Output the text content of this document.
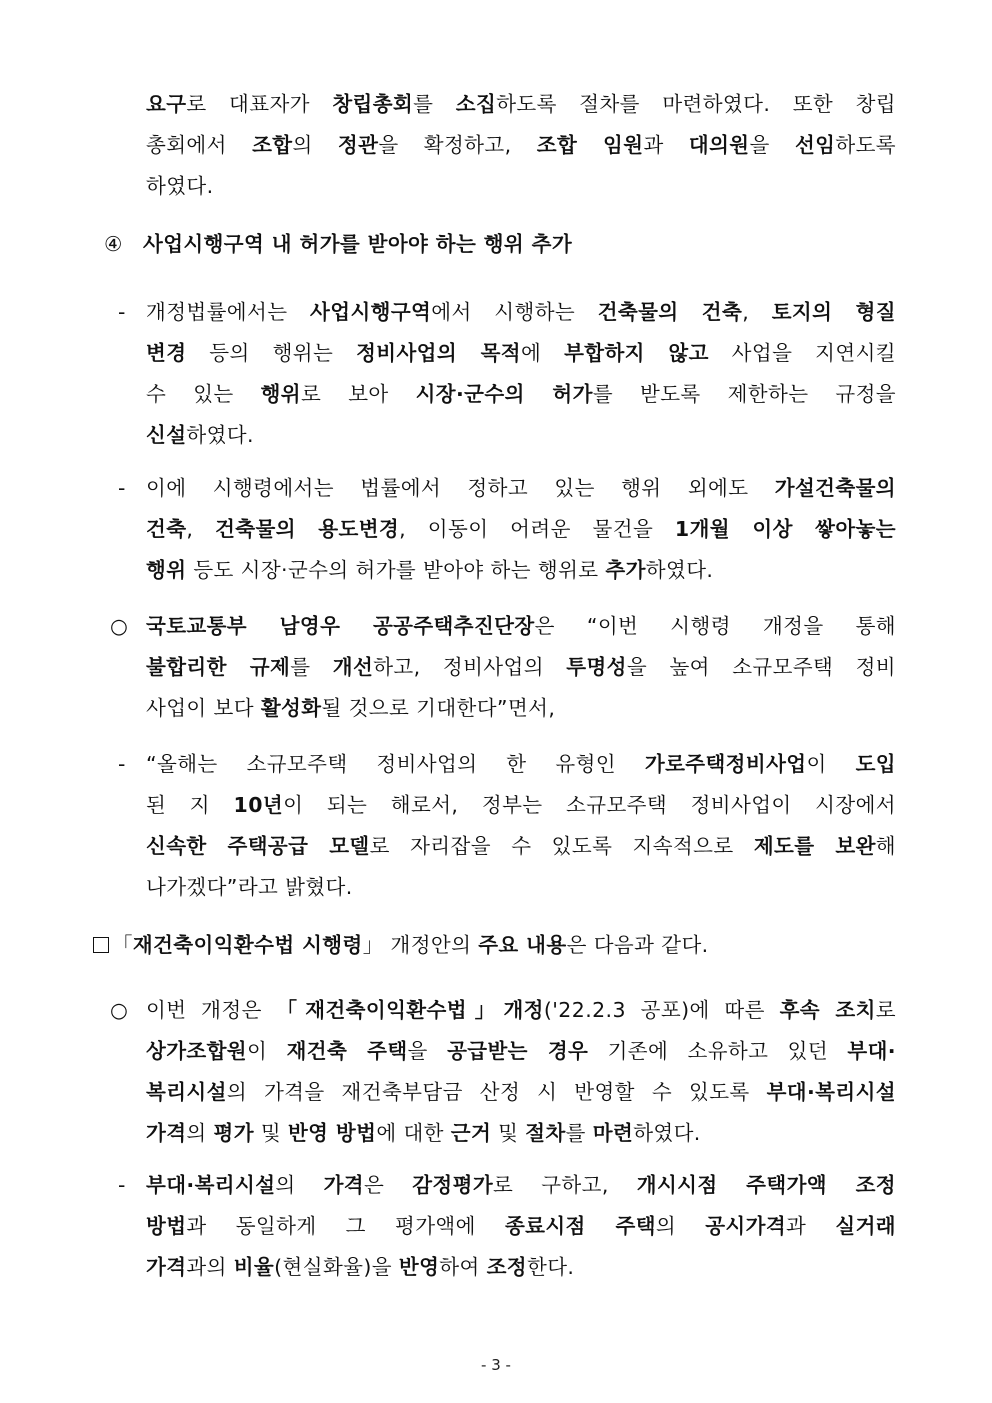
④
-
-
○
-
○
-
「재건축이익환수법 시행령」 개정안의 주요 내용은 다음과 같다.
요구로 대표자가 창립총회를 소집하도록 절차를 마련하였다. 또한 창립
총회에서 조합의 정관을 확정하고, 조합 임원과 대의원을 선임하도록
하였다.
사업시행구역 내 허가를 받아야 하는 행위 추가
개정법률에서는 사업시행구역에서 시행하는 건축물의 건축, 토지의 형질
변경 등의 행위는 정비사업의 목적에 부합하지 않고 사업을 지연시킬
수 있는 행위로 보아 시장·군수의 허가를 받도록 제한하는 규정을
신설하였다.
이에 시행령에서는 법률에서 정하고 있는 행위 외에도 가설건축물의
건축, 건축물의 용도변경, 이동이 어려운 물건을 1개월 이상 쌓아놓는
행위 등도 시장·군수의 허가를 받아야 하는 행위로 추가하였다.
국토교통부 남영우 공공주택추진단장은 “이번 시행령 개정을 통해
불합리한 규제를 개선하고, 정비사업의 투명성을 높여 소규모주택 정비
사업이 보다 활성화될 것으로 기대한다”면서,
“올해는 소규모주택 정비사업의 한 유형인 가로주택정비사업이 도입
된 지 10년이 되는 해로서, 정부는 소규모주택 정비사업이 시장에서
신속한 주택공급 모델로 자리잡을 수 있도록 지속적으로 제도를 보완해
나가겠다”라고 밝혔다.
이번 개정은 「재건축이익환수법」개정('22.2.3 공포)에 따른 후속 조치로
상가조합원이 재건축 주택을 공급받는 경우 기존에 소유하고 있던 부대·
복리시설의 가격을 재건축부담금 산정 시 반영할 수 있도록 부대·복리시설
가격의 평가 및 반영 방법에 대한 근거 및 절차를 마련하였다.
부대·복리시설의 가격은 감정평가로 구하고, 개시시점 주택가액 조정
방법과 동일하게 그 평가액에 종료시점 주택의 공시가격과 실거래
가격과의 비율(현실화율)을 반영하여 조정한다.
- 3 -
